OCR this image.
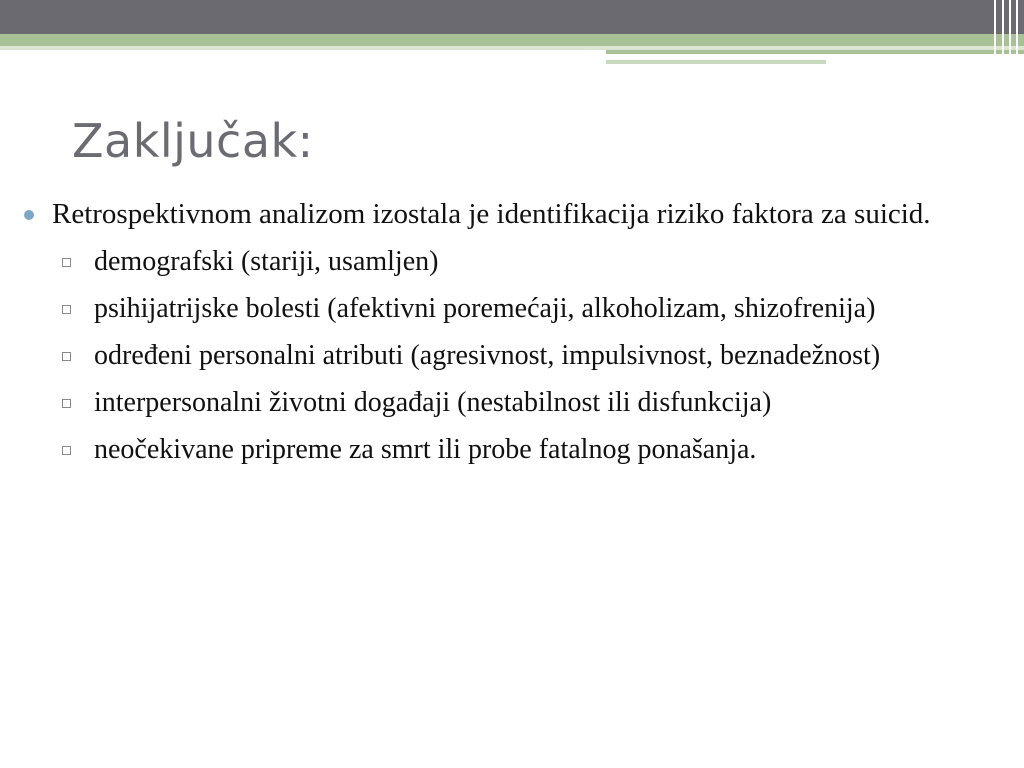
Zaključak:
Retrospektivnom analizom izostala je identifikacija riziko faktora za suicid.
demografski (stariji, usamljen)
psihijatrijske bolesti (afektivni poremećaji, alkoholizam, shizofrenija)
određeni personalni atributi (agresivnost, impulsivnost, beznadežnost)
interpersonalni životni događaji (nestabilnost ili disfunkcija)
neočekivane pripreme za smrt ili probe fatalnog ponašanja.
